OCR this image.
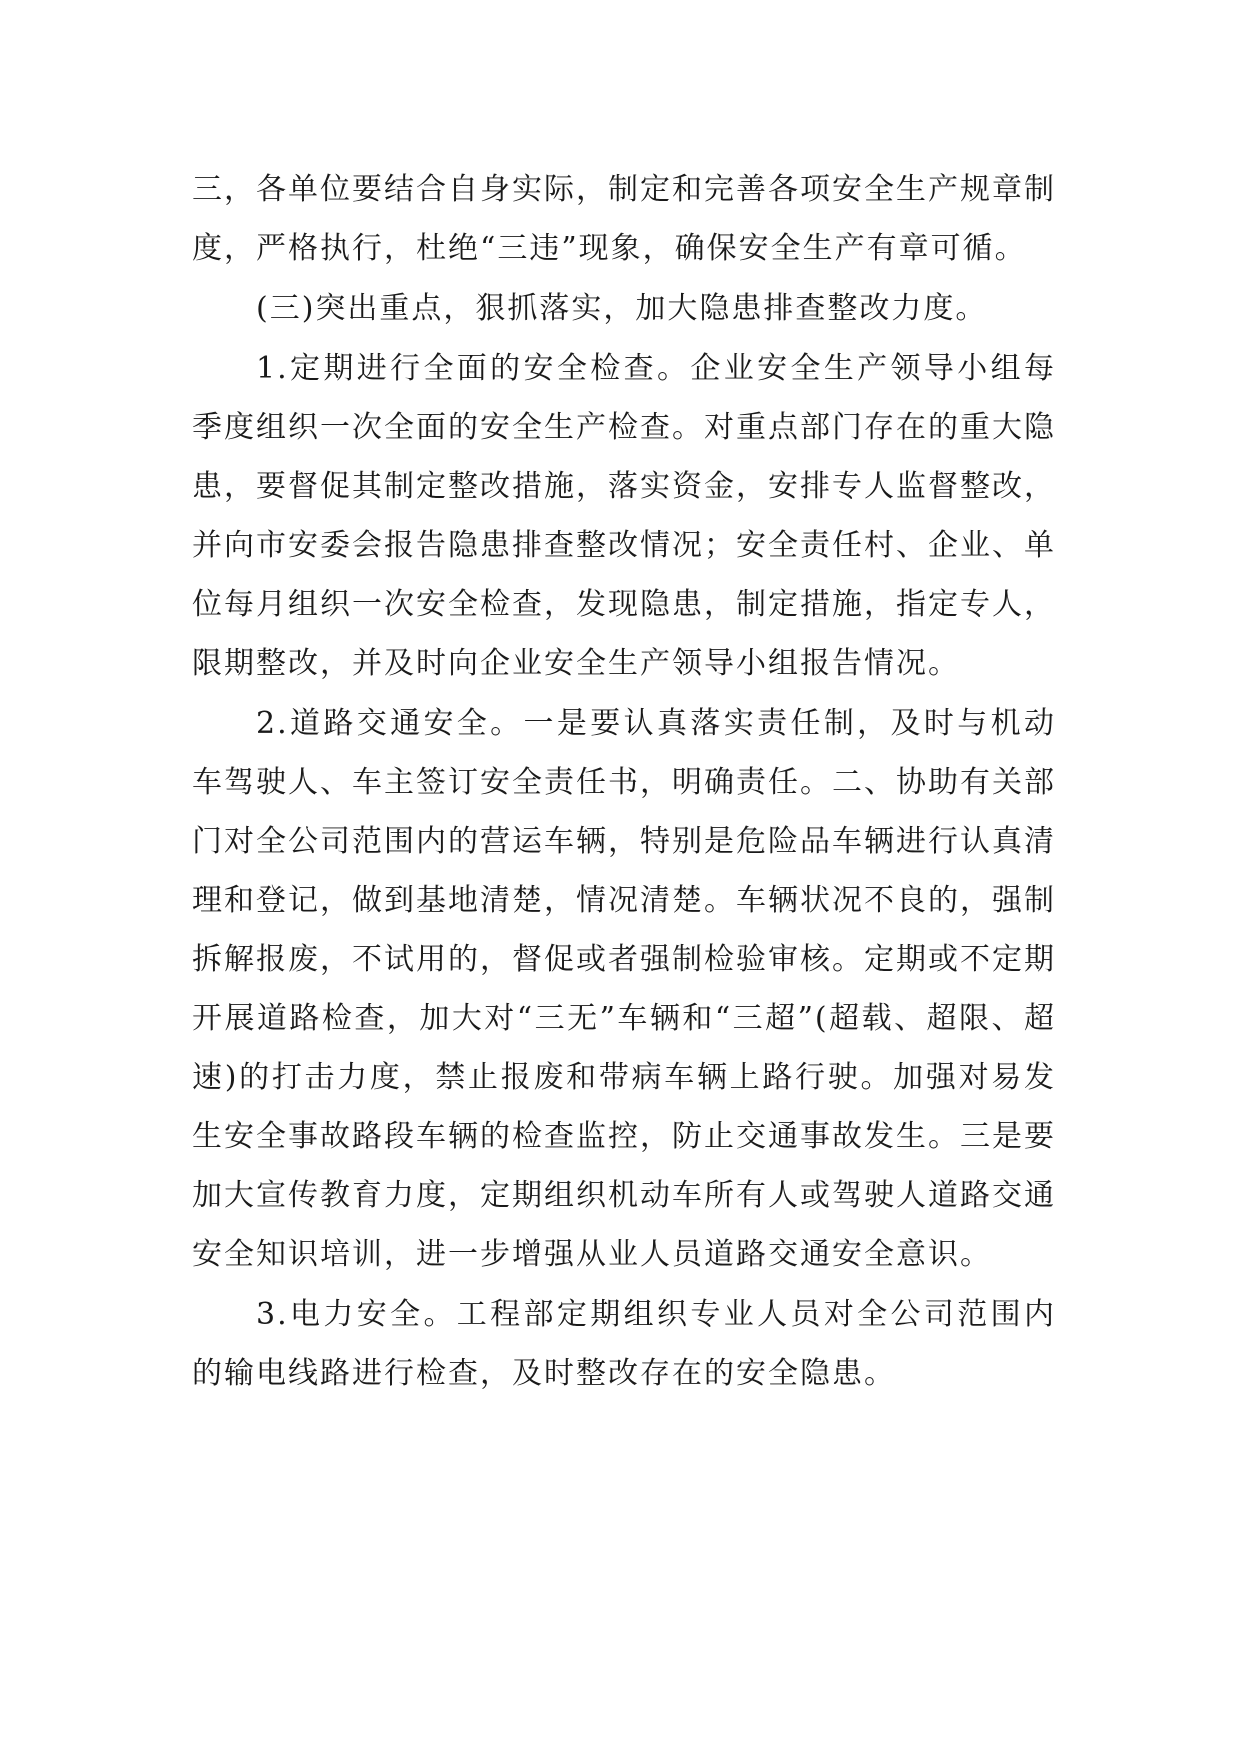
三，各单位要结合自身实际，制定和完善各项安全生产规章制度，严格执行，杜绝“三违”现象，确保安全生产有章可循。

(三)突出重点，狠抓落实，加大隐患排查整改力度。

1.定期进行全面的安全检查。企业安全生产领导小组每季度组织一次全面的安全生产检查。对重点部门存在的重大隐患，要督促其制定整改措施，落实资金，安排专人监督整改，并向市安委会报告隐患排查整改情况；安全责任村、企业、单位每月组织一次安全检查，发现隐患，制定措施，指定专人，限期整改，并及时向企业安全生产领导小组报告情况。

2.道路交通安全。一是要认真落实责任制，及时与机动车驾驶人、车主签订安全责任书，明确责任。二、协助有关部门对全公司范围内的营运车辆，特别是危险品车辆进行认真清理和登记，做到基地清楚，情况清楚。车辆状况不良的，强制拆解报废，不试用的，督促或者强制检验审核。定期或不定期开展道路检查，加大对“三无”车辆和“三超”(超载、超限、超速)的打击力度，禁止报废和带病车辆上路行驶。加强对易发生安全事故路段车辆的检查监控，防止交通事故发生。三是要加大宣传教育力度，定期组织机动车所有人或驾驶人道路交通安全知识培训，进一步增强从业人员道路交通安全意识。

3.电力安全。工程部定期组织专业人员对全公司范围内的输电线路进行检查，及时整改存在的安全隐患。
